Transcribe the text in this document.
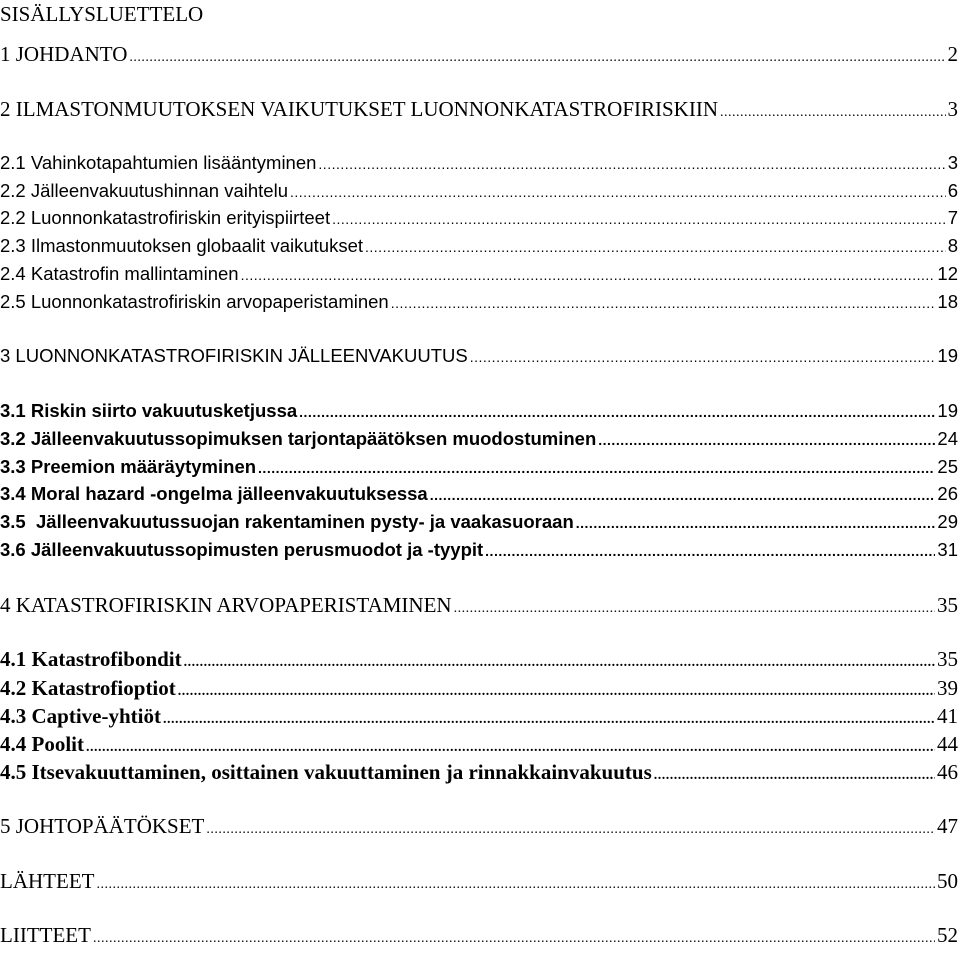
SISÄLLYSLUETTELO
1 JOHDANTO .....	2
2 ILMASTONMUUTOKSEN VAIKUTUKSET LUONNONKATASTROFIRISKIIN .....	3
2.1 Vahinkotapahtumien lisääntyminen .....	3
2.2 Jälleenvakuutushinnan vaihtelu .....	6
2.2 Luonnonkatastrofiriskin erityispiirteet .....	7
2.3 Ilmastonmuutoksen globaalit vaikutukset .....	8
2.4 Katastrofin mallintaminen .....	12
2.5 Luonnonkatastrofiriskin arvopaperistaminen .....	18
3 LUONNONKATASTROFIRISKIN JÄLLEENVAKUUTUS .....	19
3.1 Riskin siirto vakuutusketjussa .....	19
3.2 Jälleenvakuutussopimuksen tarjontapäätöksen muodostuminen .....	24
3.3 Preemion määräytyminen .....	25
3.4 Moral hazard -ongelma jälleenvakuutuksessa .....	26
3.5  Jälleenvakuutussuojan rakentaminen pysty- ja vaakasuoraan .....	29
3.6 Jälleenvakuutussopimusten perusmuodot ja -tyypit .....	31
4 KATASTROFIRISKIN ARVOPAPERISTAMINEN .....	35
4.1 Katastrofibondit .....	35
4.2 Katastrofioptiot .....	39
4.3 Captive-yhtiöt .....	41
4.4 Poolit .....	44
4.5 Itsevakuuttaminen, osittainen vakuuttaminen ja rinnakkainvakuutus .....	46
5 JOHTOPÄÄTÖKSET .....	47
LÄHTEET .....	50
LIITTEET .....	52
